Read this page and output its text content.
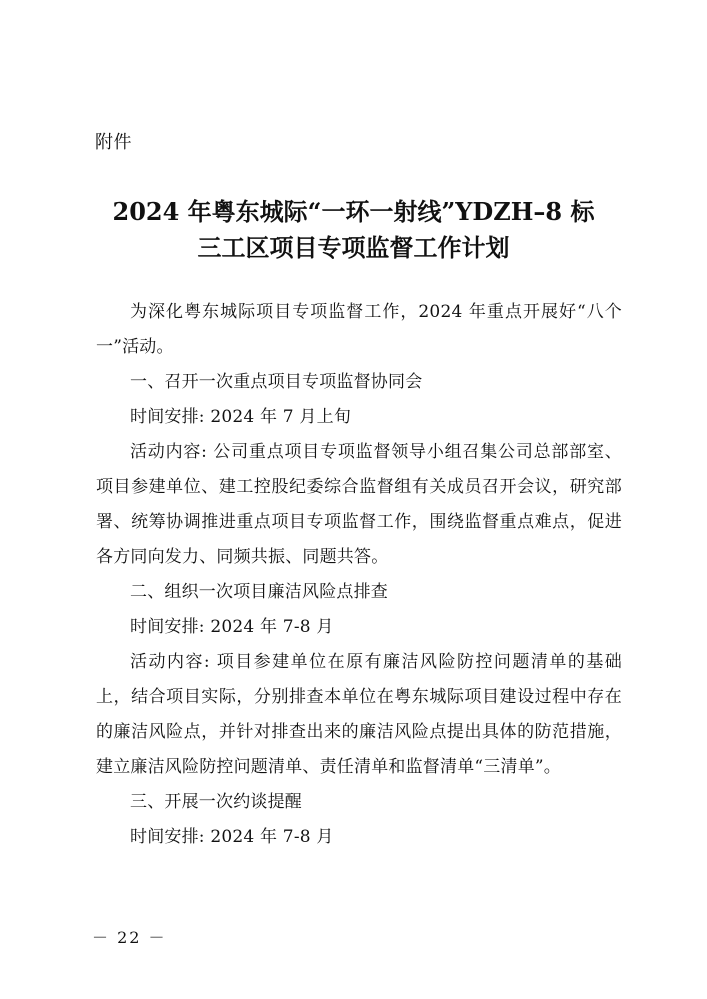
附件
2024 年粤东城际“一环一射线”YDZH–8 标
三工区项目专项监督工作计划

为深化粤东城际项目专项监督工作，2024 年重点开展好“八个一”活动。

一、召开一次重点项目专项监督协同会

时间安排: 2024 年 7 月上旬

活动内容: 公司重点项目专项监督领导小组召集公司总部部室、项目参建单位、建工控股纪委综合监督组有关成员召开会议，研究部署、统筹协调推进重点项目专项监督工作，围绕监督重点难点，促进各方同向发力、同频共振、同题共答。

二、组织一次项目廉洁风险点排查

时间安排: 2024 年 7-8 月

活动内容: 项目参建单位在原有廉洁风险防控问题清单的基础上，结合项目实际，分别排查本单位在粤东城际项目建设过程中存在的廉洁风险点，并针对排查出来的廉洁风险点提出具体的防范措施，建立廉洁风险防控问题清单、责任清单和监督清单“三清单”。

三、开展一次约谈提醒

时间安排: 2024 年 7-8 月

－ 22 －
